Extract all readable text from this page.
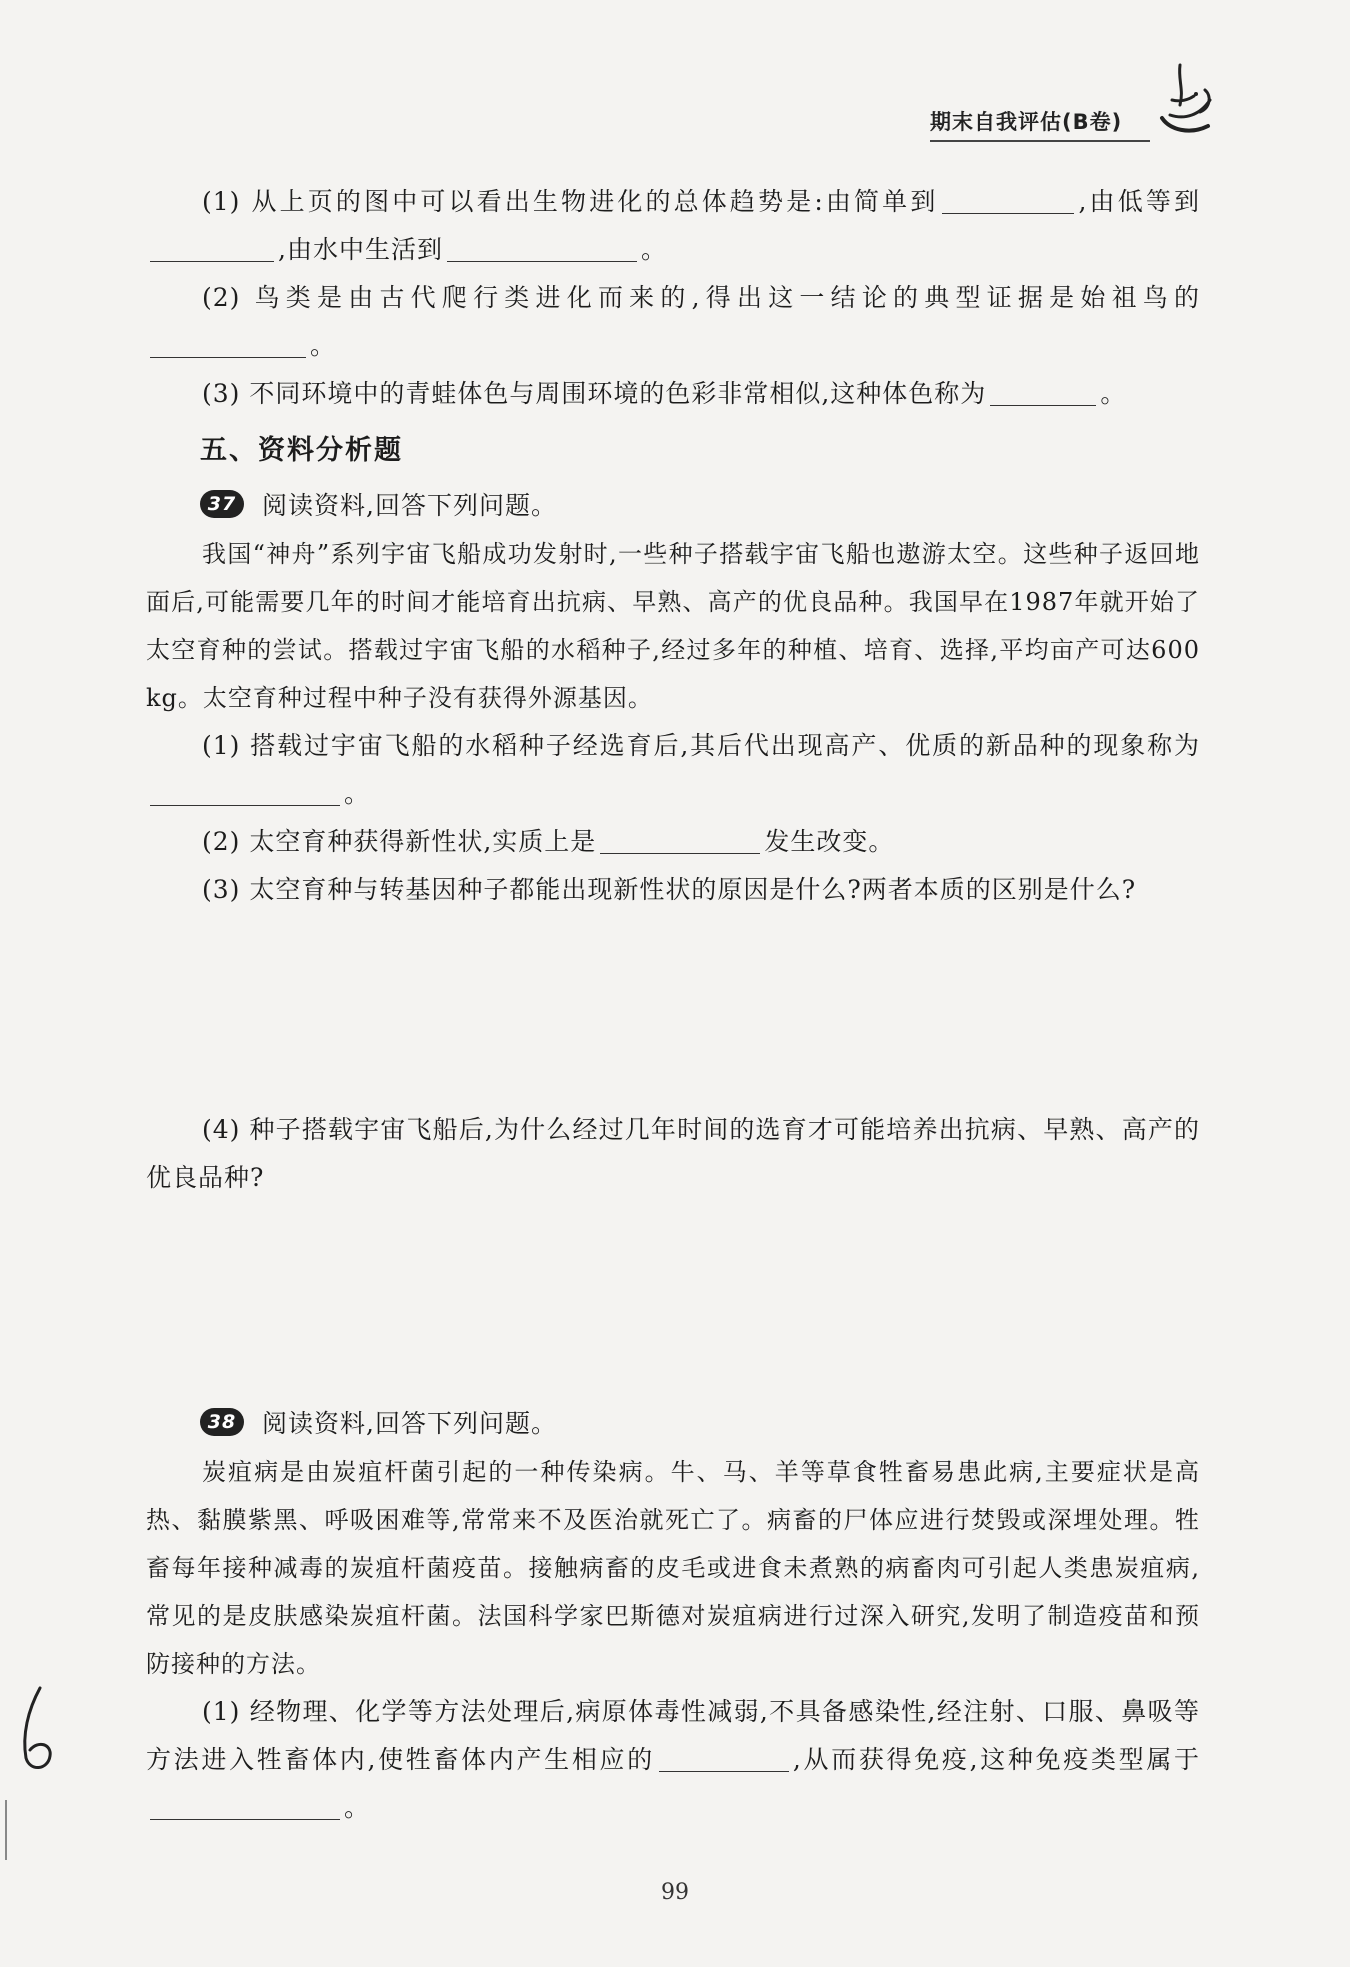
期末自我评估(B卷)

(1) 从上页的图中可以看出生物进化的总体趋势是:由简单到	,由低等到,由水中生活到	。

(2) 鸟类是由古代爬行类进化而来的,得出这一结论的典型证据是始祖鸟的。

(3) 不同环境中的青蛙体色与周围环境的色彩非常相似,这种体色称为	。

五、资料分析题
37	阅读资料,回答下列问题。

我国“神舟”系列宇宙飞船成功发射时,一些种子搭载宇宙飞船也遨游太空。这些种子返回地面后,可能需要几年的时间才能培育出抗病、早熟、高产的优良品种。我国早在1987年就开始了太空育种的尝试。搭载过宇宙飞船的水稻种子,经过多年的种植、培育、选择,平均亩产可达600 kg。太空育种过程中种子没有获得外源基因。

(1) 搭载过宇宙飞船的水稻种子经选育后,其后代出现高产、优质的新品种的现象称为。

(2) 太空育种获得新性状,实质上是	发生改变。

(3) 太空育种与转基因种子都能出现新性状的原因是什么?两者本质的区别是什么?

(4) 种子搭载宇宙飞船后,为什么经过几年时间的选育才可能培养出抗病、早熟、高产的优良品种?

38	阅读资料,回答下列问题。

炭疽病是由炭疽杆菌引起的一种传染病。牛、马、羊等草食牲畜易患此病,主要症状是高热、黏膜紫黑、呼吸困难等,常常来不及医治就死亡了。病畜的尸体应进行焚毁或深埋处理。牲畜每年接种减毒的炭疽杆菌疫苗。接触病畜的皮毛或进食未煮熟的病畜肉可引起人类患炭疽病,常见的是皮肤感染炭疽杆菌。法国科学家巴斯德对炭疽病进行过深入研究,发明了制造疫苗和预防接种的方法。

(1) 经物理、化学等方法处理后,病原体毒性减弱,不具备感染性,经注射、口服、鼻吸等方法进入牲畜体内,使牲畜体内产生相应的	,从而获得免疫,这种免疫类型属于。

99
